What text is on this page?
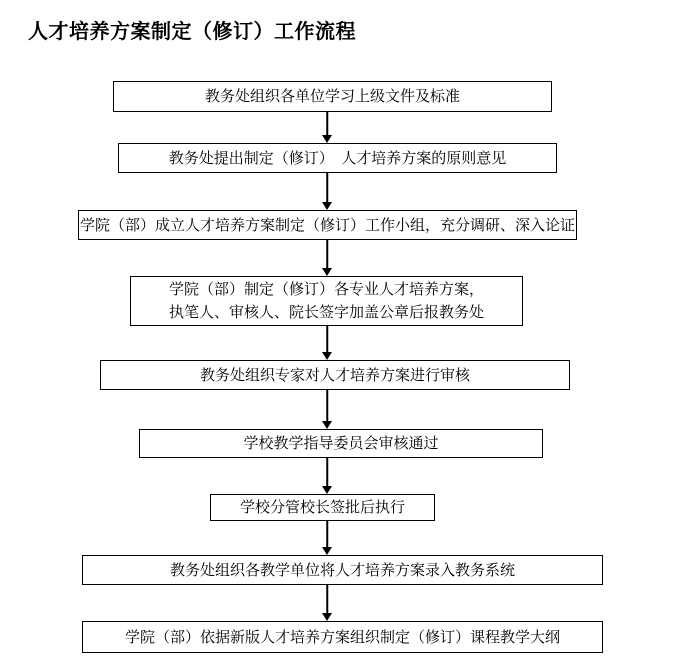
人才培养方案制定（修订）工作流程
教务处组织各单位学习上级文件及标准
教务处提出制定（修订）　人才培养方案的原则意见
学院（部）成立人才培养方案制定（修订）工作小组，充分调研、深入论证
学院（部）制定（修订）各专业人才培养方案，
执笔人、审核人、院长签字加盖公章后报教务处
教务处组织专家对人才培养方案进行审核
学校教学指导委员会审核通过
学校分管校长签批后执行
教务处组织各教学单位将人才培养方案录入教务系统
学院（部）依据新版人才培养方案组织制定（修订）课程教学大纲
